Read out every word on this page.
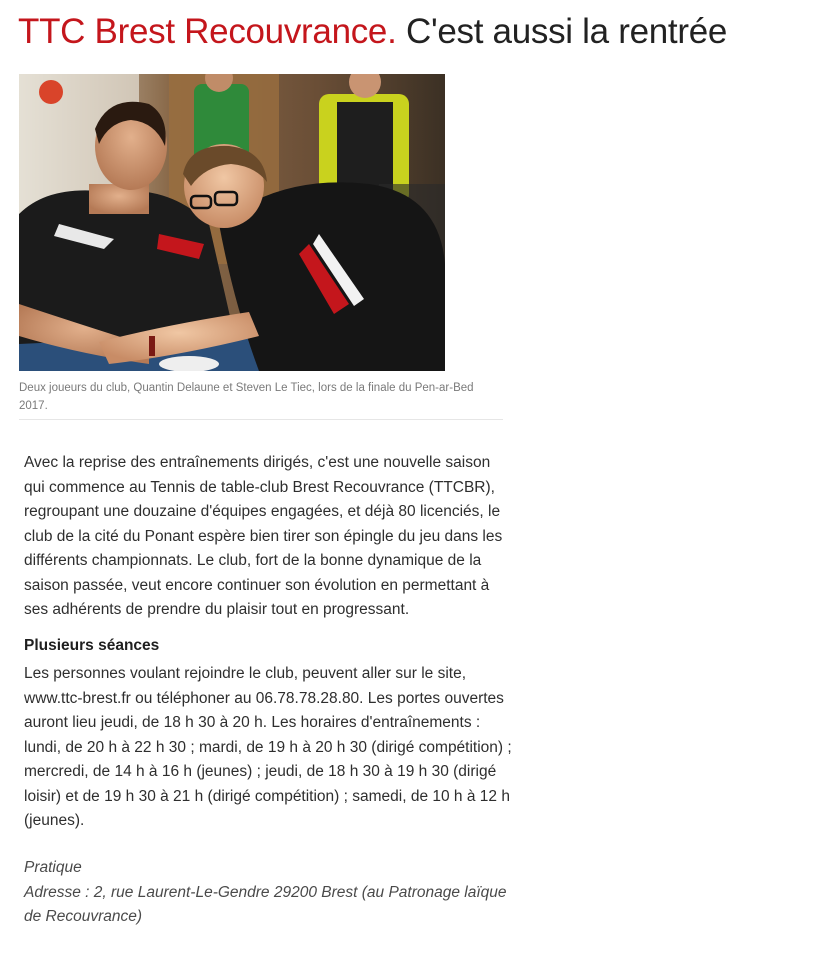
TTC Brest Recouvrance. C'est aussi la rentrée

Deux joueurs du club, Quantin Delaune et Steven Le Tiec, lors de la finale du Pen-ar-Bed 2017.

Avec la reprise des entraînements dirigés, c'est une nouvelle saison qui commence au Tennis de table-club Brest Recouvrance (TTCBR), regroupant une douzaine d'équipes engagées, et déjà 80 licenciés, le club de la cité du Ponant espère bien tirer son épingle du jeu dans les différents championnats. Le club, fort de la bonne dynamique de la saison passée, veut encore continuer son évolution en permettant à ses adhérents de prendre du plaisir tout en progressant.

Plusieurs séances

Les personnes voulant rejoindre le club, peuvent aller sur le site, www.ttc-brest.fr ou téléphoner au 06.78.78.28.80. Les portes ouvertes auront lieu jeudi, de 18 h 30 à 20 h. Les horaires d'entraînements : lundi, de 20 h à 22 h 30 ; mardi, de 19 h à 20 h 30 (dirigé compétition) ; mercredi, de 14 h à 16 h (jeunes) ; jeudi, de 18 h 30 à 19 h 30 (dirigé loisir) et de 19 h 30 à 21 h (dirigé compétition) ; samedi, de 10 h à 12 h (jeunes).

Pratique
Adresse : 2, rue Laurent-Le-Gendre 29200 Brest (au Patronage laïque de Recouvrance)
